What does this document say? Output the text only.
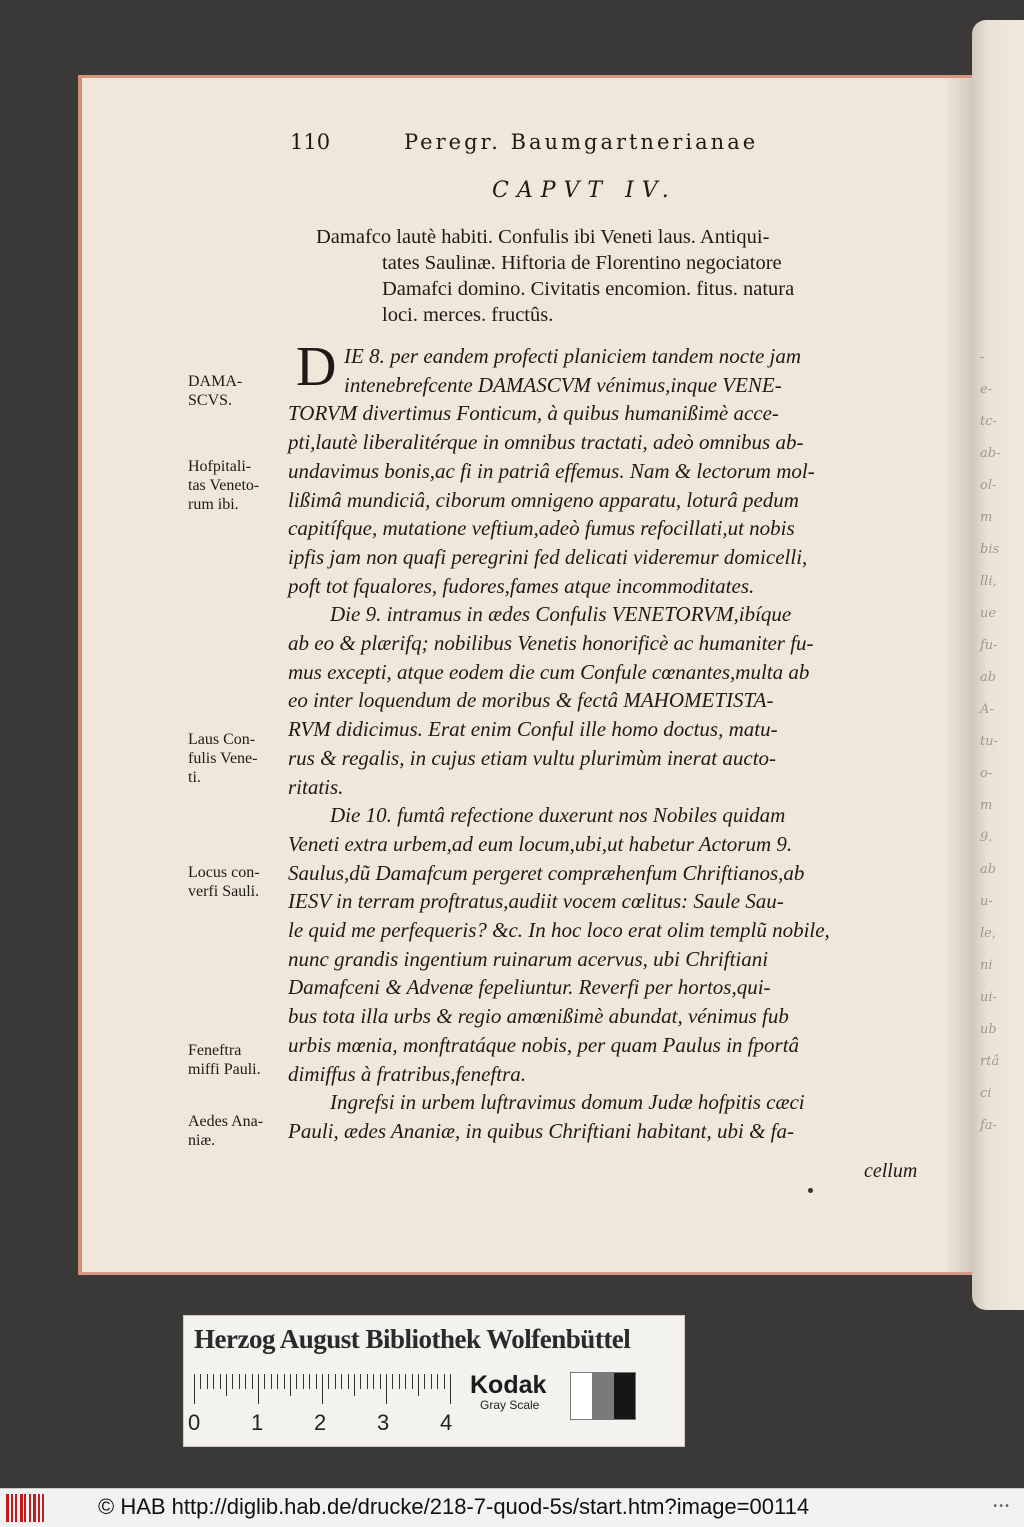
-
e-
tc-
ab-
ol-
m
bis
lli,
ue
fu-
ab
A-
tu-
o-
m
9.
ab
u-
le,
ni
ui-
ub
rtâ
ci
fa-
110	Peregr. Baumgartnerianae
CAPVT IV.
Damafco lautè habiti. Confulis ibi Veneti laus. Antiqui-
tates Saulinæ. Hiftoria de Florentino negociatore
Damafci domino. Civitatis encomion. fitus. natura
loci. merces. fructûs.
D IE 8. per eandem profecti planiciem tandem nocte jam
intenebrefcente DAMASCVM vénimus,inque VENE-
TORVM divertimus Fonticum, à quibus humanißimè acce-
pti,lautè liberalitérque in omnibus tractati, adeò omnibus ab-
undavimus bonis,ac fi in patriâ effemus. Nam & lectorum mol-
lißimâ mundiciâ, ciborum omnigeno apparatu, loturâ pedum
capitífque, mutatione veftium,adeò fumus refocillati,ut nobis
ipfis jam non quafi peregrini fed delicati videremur domicelli,
poft tot fqualores, fudores,fames atque incommoditates.
Die 9. intramus in ædes Confulis VENETORVM,ibíque
ab eo & plærifq; nobilibus Venetis honorificè ac humaniter fu-
mus excepti, atque eodem die cum Confule cœnantes,multa ab
eo inter loquendum de moribus & fectâ MAHOMETISTA-
RVM didicimus. Erat enim Conful ille homo doctus, matu-
rus & regalis, in cujus etiam vultu plurimùm inerat aucto-
ritatis.
Die 10. fumtâ refectione duxerunt nos Nobiles quidam
Veneti extra urbem,ad eum locum,ubi,ut habetur Actorum 9.
Saulus,dũ Damafcum pergeret compræhenfum Chriftianos,ab
IESV in terram proftratus,audiit vocem cœlitus: Saule Sau-
le quid me perfequeris? &c. In hoc loco erat olim templũ nobile,
nunc grandis ingentium ruinarum acervus, ubi Chriftiani
Damafceni & Advenæ fepeliuntur. Reverfi per hortos,qui-
bus tota illa urbs & regio amœnißimè abundat, vénimus fub
urbis mœnia, monftratáque nobis, per quam Paulus in fportâ
dimiffus à fratribus,feneftra.
Ingrefsi in urbem luftravimus domum Judæ hofpitis cæci
Pauli, ædes Ananiæ, in quibus Chriftiani habitant, ubi & fa-
DAMA-
SCVS.
Hofpitali-
tas Veneto-
rum ibi.
Laus Con-
fulis Vene-
ti.
Locus con-
verfi Sauli.
Feneftra
miffi Pauli.
Aedes Ana-
niæ.
cellum
Herzog August Bibliothek Wolfenbüttel
0 1 2 3 4
Kodak
Gray Scale
© HAB http://diglib.hab.de/drucke/218-7-quod-5s/start.htm?image=00114	•••
